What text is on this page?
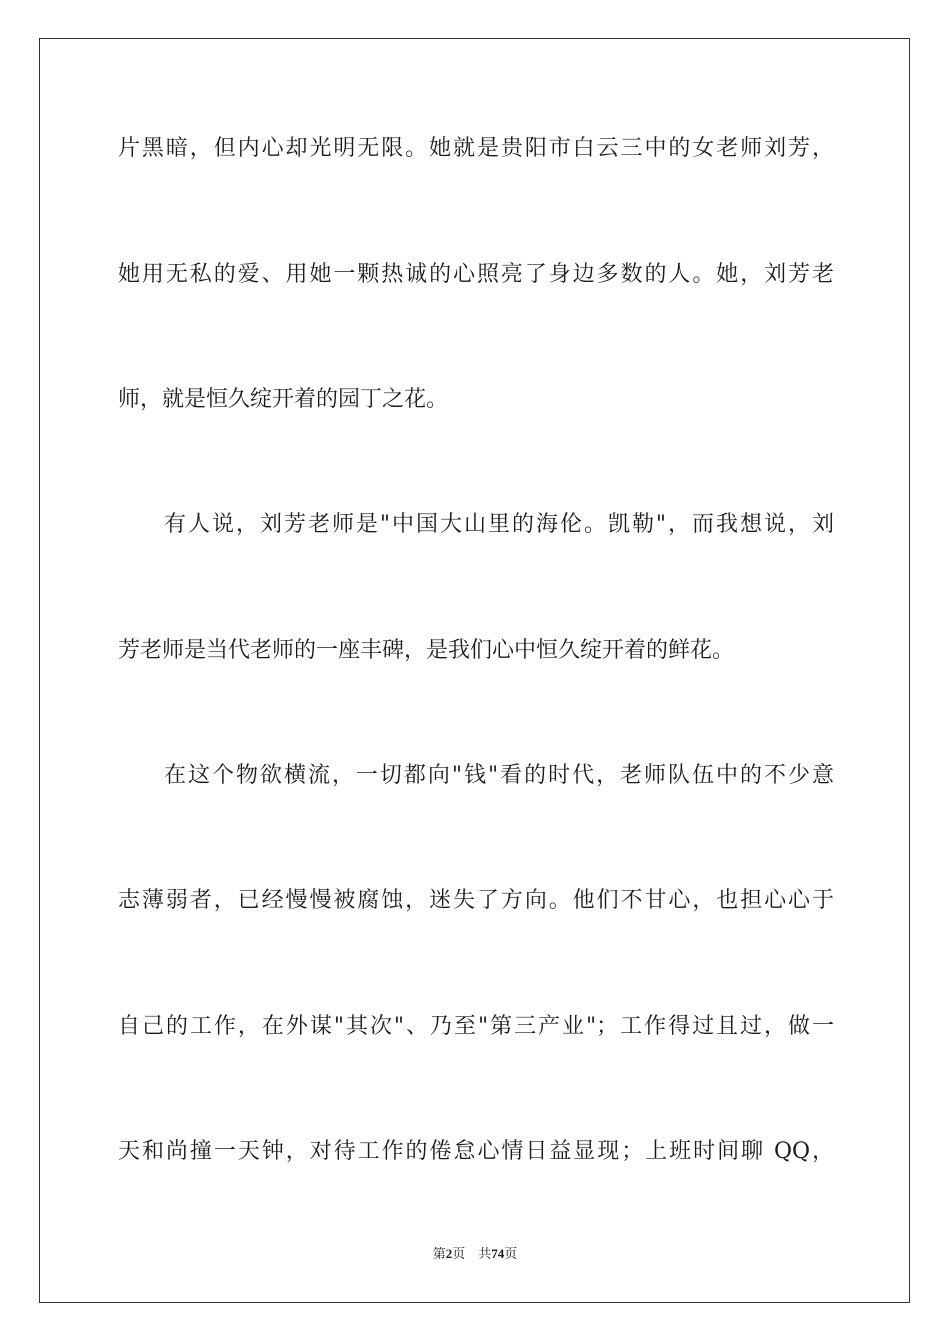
片黑暗，但内心却光明无限。她就是贵阳市白云三中的女老师刘芳，
她用无私的爱、用她一颗热诚的心照亮了身边多数的人。她，刘芳老
师，就是恒久绽开着的园丁之花。
有人说，刘芳老师是"中国大山里的海伦。凯勒"，而我想说，刘
芳老师是当代老师的一座丰碑，是我们心中恒久绽开着的鲜花。
在这个物欲横流，一切都向"钱"看的时代，老师队伍中的不少意
志薄弱者，已经慢慢被腐蚀，迷失了方向。他们不甘心，也担心心于
自己的工作，在外谋"其次"、乃至"第三产业"；工作得过且过，做一
天和尚撞一天钟，对待工作的倦怠心情日益显现；上班时间聊 QQ，
第2页　共74页
